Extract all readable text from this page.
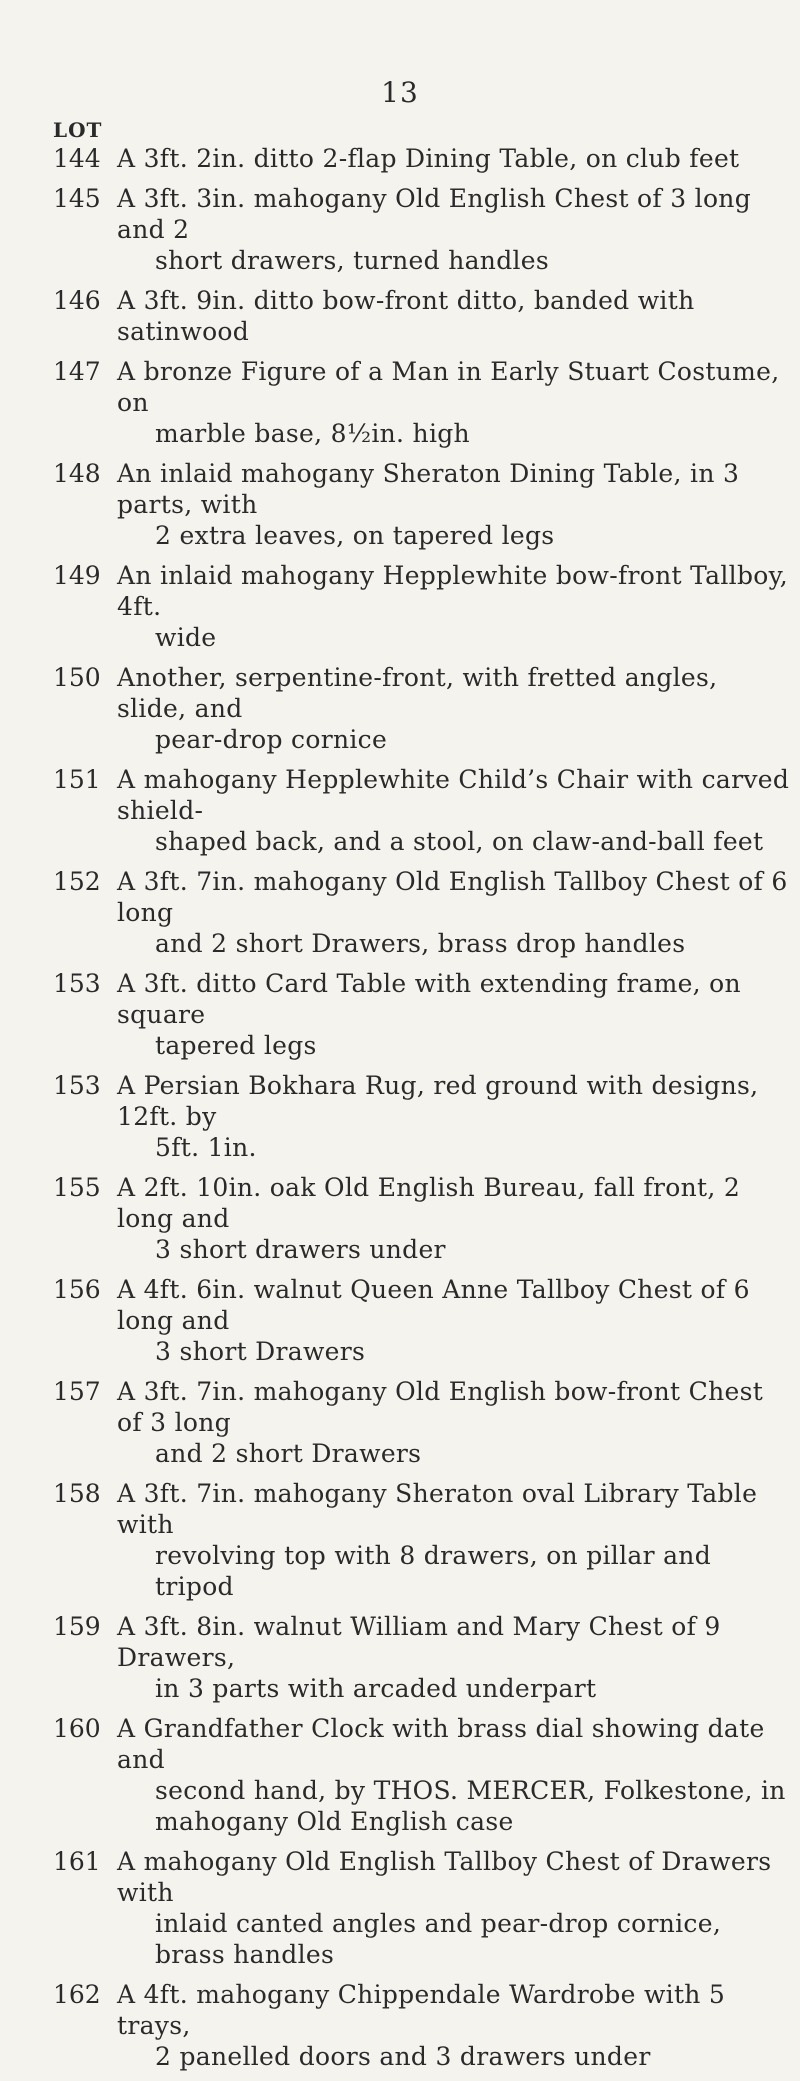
13
LOT
144 A 3ft. 2in. ditto 2-flap Dining Table, on club feet
145 A 3ft. 3in. mahogany Old English Chest of 3 long and 2

short drawers, turned handles
146 A 3ft. 9in. ditto bow-front ditto, banded with satinwood
147 A bronze Figure of a Man in Early Stuart Costume, on

marble base, 8½in. high
148 An inlaid mahogany Sheraton Dining Table, in 3 parts, with

2 extra leaves, on tapered legs
149 An inlaid mahogany Hepplewhite bow-front Tallboy, 4ft.

wide
150 Another, serpentine-front, with fretted angles, slide, and

pear-drop cornice
151 A mahogany Hepplewhite Child’s Chair with carved shield-

shaped back, and a stool, on claw-and-ball feet
152 A 3ft. 7in. mahogany Old English Tallboy Chest of 6 long

and 2 short Drawers, brass drop handles
153 A 3ft. ditto Card Table with extending frame, on square

tapered legs
153 A Persian Bokhara Rug, red ground with designs, 12ft. by

5ft. 1in.
155 A 2ft. 10in. oak Old English Bureau, fall front, 2 long and

3 short drawers under
156 A 4ft. 6in. walnut Queen Anne Tallboy Chest of 6 long and

3 short Drawers
157 A 3ft. 7in. mahogany Old English bow-front Chest of 3 long

and 2 short Drawers
158 A 3ft. 7in. mahogany Sheraton oval Library Table with

revolving top with 8 drawers, on pillar and tripod
159 A 3ft. 8in. walnut William and Mary Chest of 9 Drawers,

in 3 parts with arcaded underpart
160 A Grandfather Clock with brass dial showing date and

second hand, by THOS. MERCER, Folkestone, in
mahogany Old English case
161 A mahogany Old English Tallboy Chest of Drawers with

inlaid canted angles and pear-drop cornice, brass handles
162 A 4ft. mahogany Chippendale Wardrobe with 5 trays,

2 panelled doors and 3 drawers under
